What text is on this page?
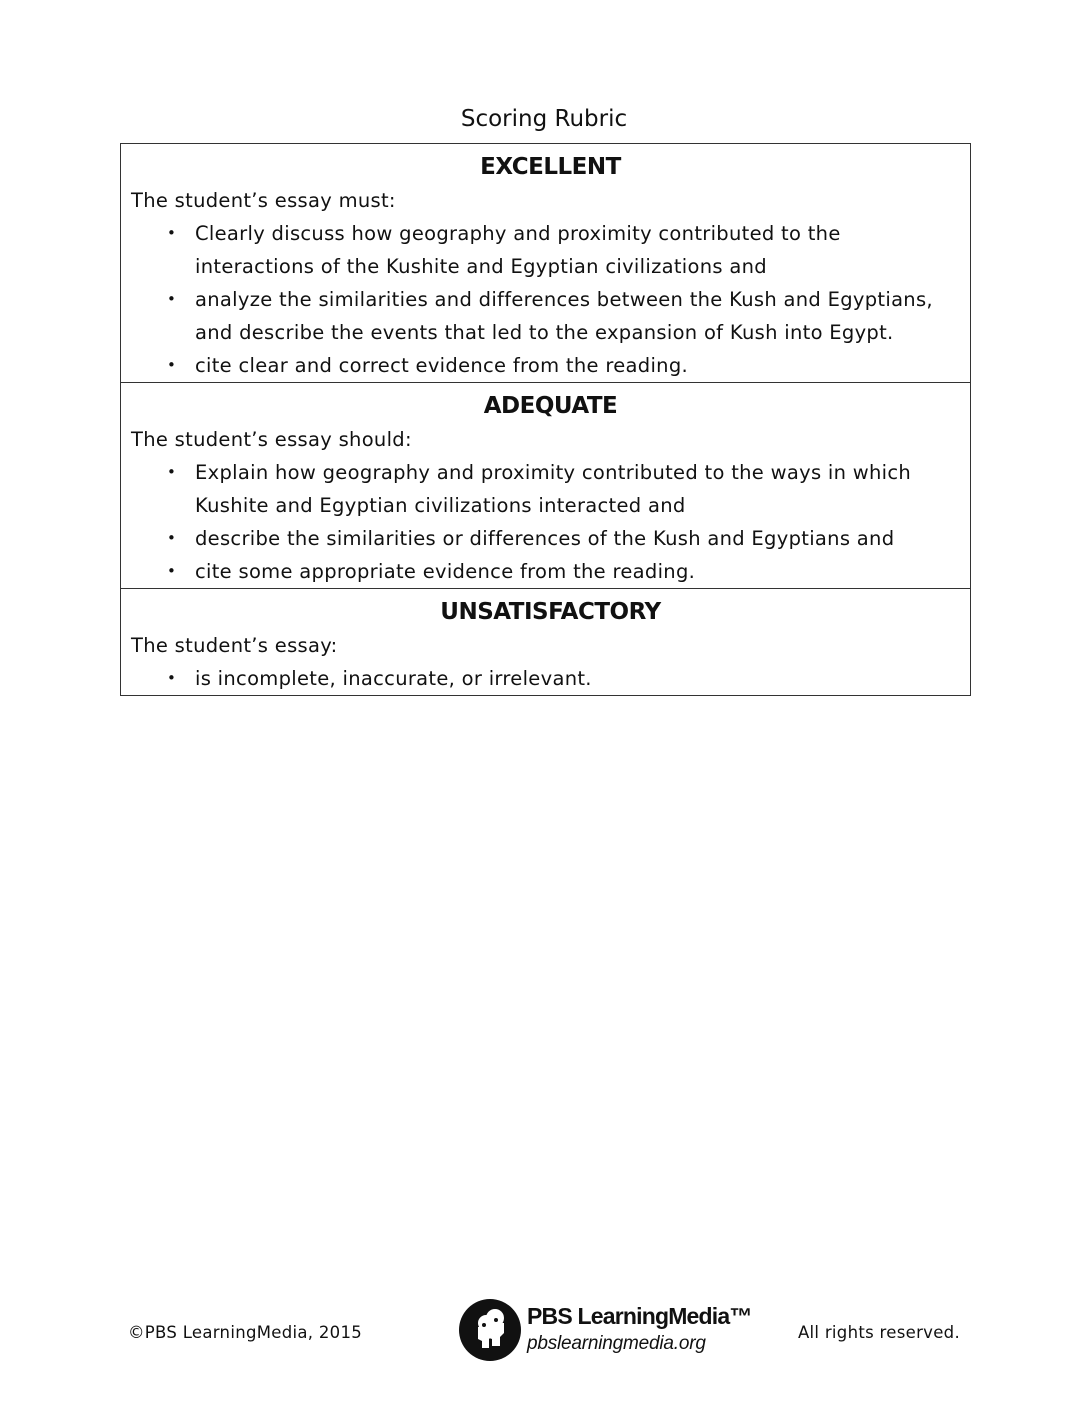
Scoring Rubric
EXCELLENT

The student’s essay must:

• Clearly discuss how geography and proximity contributed to the
interactions of the Kushite and Egyptian civilizations and
• analyze the similarities and differences between the Kush and Egyptians,
and describe the events that led to the expansion of Kush into Egypt.
• cite clear and correct evidence from the reading.

ADEQUATE

The student’s essay should:

• Explain how geography and proximity contributed to the ways in which
Kushite and Egyptian civilizations interacted and
• describe the similarities or differences of the Kush and Egyptians and
• cite some appropriate evidence from the reading.

UNSATISFACTORY

The student’s essay:

• is incomplete, inaccurate, or irrelevant.
©PBS LearningMedia, 2015
PBS LearningMedia™
pbslearningmedia.org
All rights reserved.
